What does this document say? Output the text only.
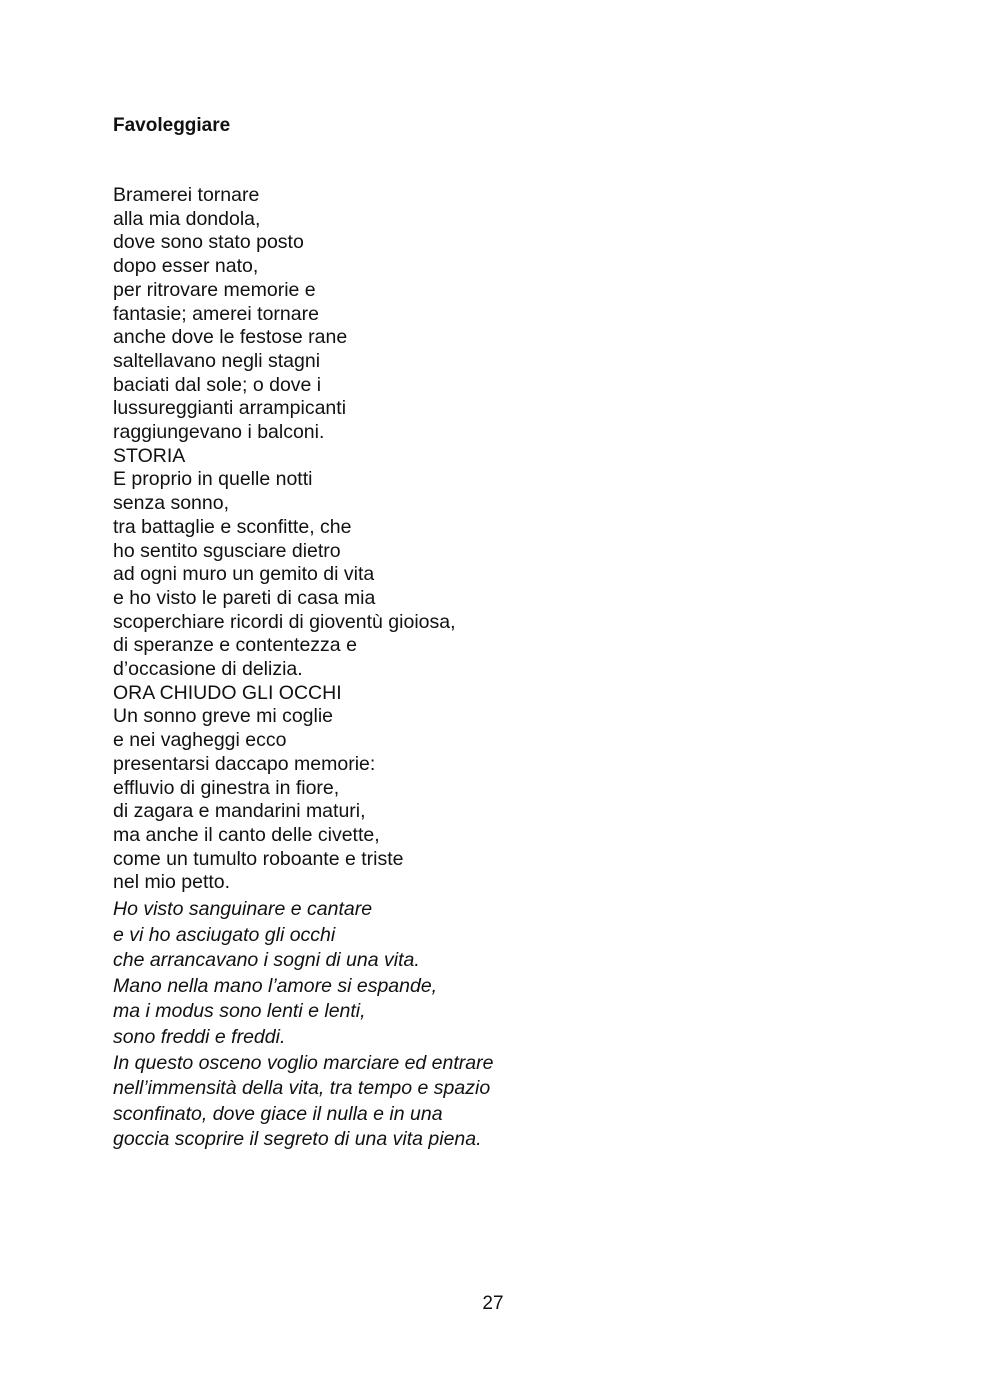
Favoleggiare
Bramerei tornare
alla mia dondola,
dove sono stato posto
dopo esser nato,
per ritrovare memorie e
fantasie; amerei tornare
anche dove le festose rane
saltellavano negli stagni
baciati dal sole; o dove i
lussureggianti arrampicanti
raggiungevano i balconi.
STORIA
E proprio in quelle notti
senza sonno,
tra battaglie e sconfitte, che
ho sentito sgusciare dietro
ad ogni muro un gemito di vita
e ho visto le pareti di casa mia
scoperchiare ricordi di gioventù gioiosa,
di speranze e contentezza e
d’occasione di delizia.
ORA CHIUDO GLI OCCHI
Un sonno greve mi coglie
e nei vagheggi ecco
presentarsi daccapo memorie:
effluvio di ginestra in fiore,
di zagara e mandarini maturi,
ma anche il canto delle civette,
come un tumulto roboante e triste
nel mio petto.
Ho visto sanguinare e cantare
e vi ho asciugato gli occhi
che arrancavano i sogni di una vita.
Mano nella mano l’amore si espande,
ma i modus sono lenti e lenti,
sono freddi e freddi.
In questo osceno voglio marciare ed entrare
nell’immensità della vita, tra tempo e spazio
sconfinato, dove giace il nulla e in una
goccia scoprire il segreto di una vita piena.
27
